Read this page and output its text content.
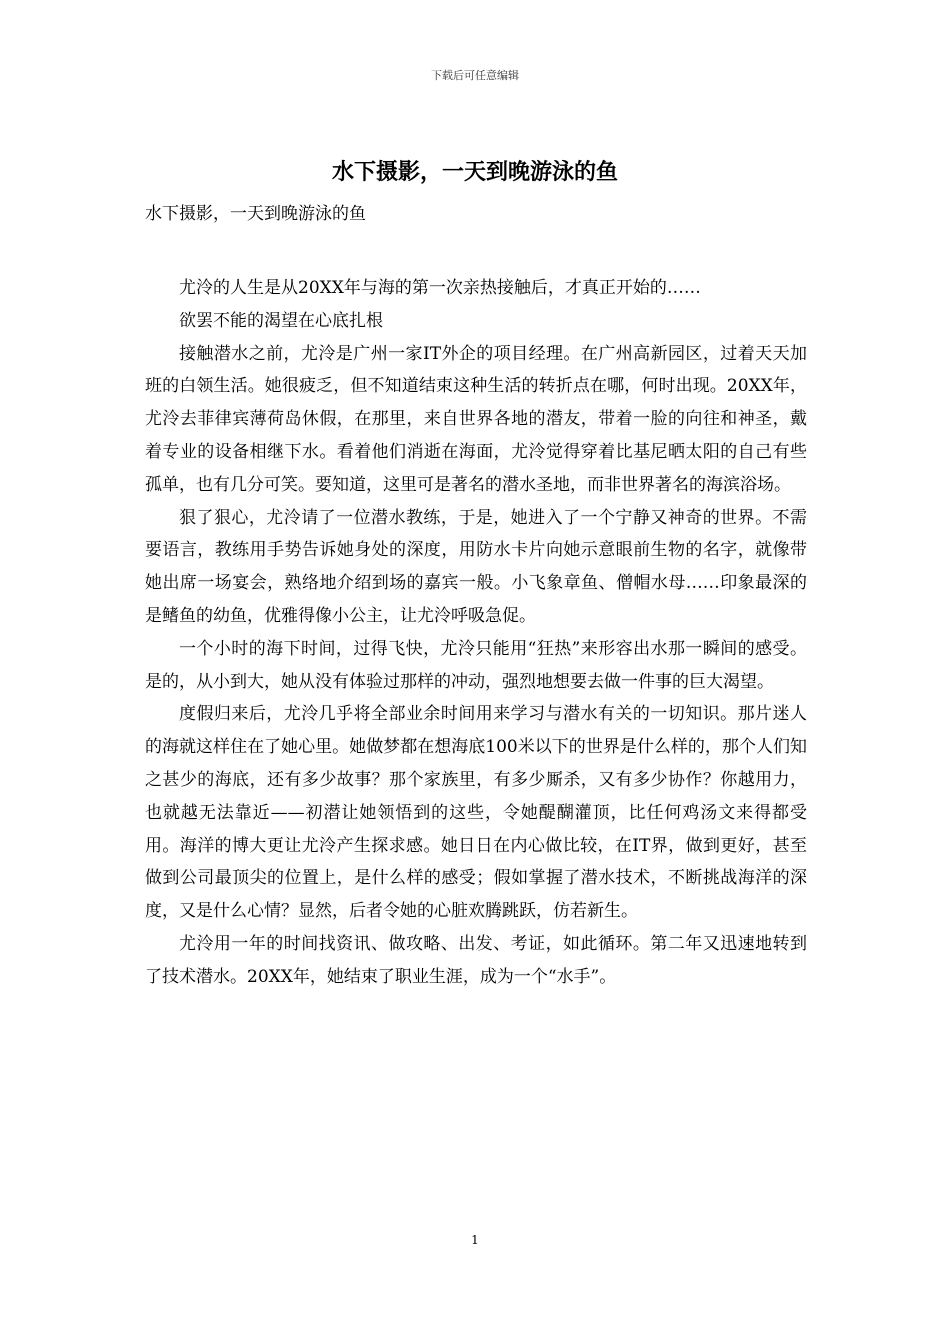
下载后可任意编辑
水下摄影，一天到晚游泳的鱼

水下摄影，一天到晚游泳的鱼

尤泠的人生是从20XX年与海的第一次亲热接触后，才真正开始的……

欲罢不能的渴望在心底扎根

接触潜水之前，尤泠是广州一家IT外企的项目经理。在广州高新园区，过着天天加班的白领生活。她很疲乏，但不知道结束这种生活的转折点在哪，何时出现。20XX年，尤泠去菲律宾薄荷岛休假，在那里，来自世界各地的潜友，带着一脸的向往和神圣，戴着专业的设备相继下水。看着他们消逝在海面，尤泠觉得穿着比基尼晒太阳的自己有些孤单，也有几分可笑。要知道，这里可是著名的潜水圣地，而非世界著名的海滨浴场。

狠了狠心，尤泠请了一位潜水教练，于是，她进入了一个宁静又神奇的世界。不需要语言，教练用手势告诉她身处的深度，用防水卡片向她示意眼前生物的名字，就像带她出席一场宴会，熟络地介绍到场的嘉宾一般。小飞象章鱼、僧帽水母……印象最深的是鳍鱼的幼鱼，优雅得像小公主，让尤泠呼吸急促。

一个小时的海下时间，过得飞快，尤泠只能用“狂热”来形容出水那一瞬间的感受。是的，从小到大，她从没有体验过那样的冲动，强烈地想要去做一件事的巨大渴望。

度假归来后，尤泠几乎将全部业余时间用来学习与潜水有关的一切知识。那片迷人的海就这样住在了她心里。她做梦都在想海底100米以下的世界是什么样的，那个人们知之甚少的海底，还有多少故事？那个家族里，有多少厮杀，又有多少协作？你越用力，也就越无法靠近——初潜让她领悟到的这些，令她醍醐灌顶，比任何鸡汤文来得都受用。海洋的博大更让尤泠产生探求感。她日日在内心做比较，在IT界，做到更好，甚至做到公司最顶尖的位置上，是什么样的感受；假如掌握了潜水技术，不断挑战海洋的深度，又是什么心情？显然，后者令她的心脏欢腾跳跃，仿若新生。

尤泠用一年的时间找资讯、做攻略、出发、考证，如此循环。第二年又迅速地转到了技术潜水。20XX年，她结束了职业生涯，成为一个“水手”。

1
